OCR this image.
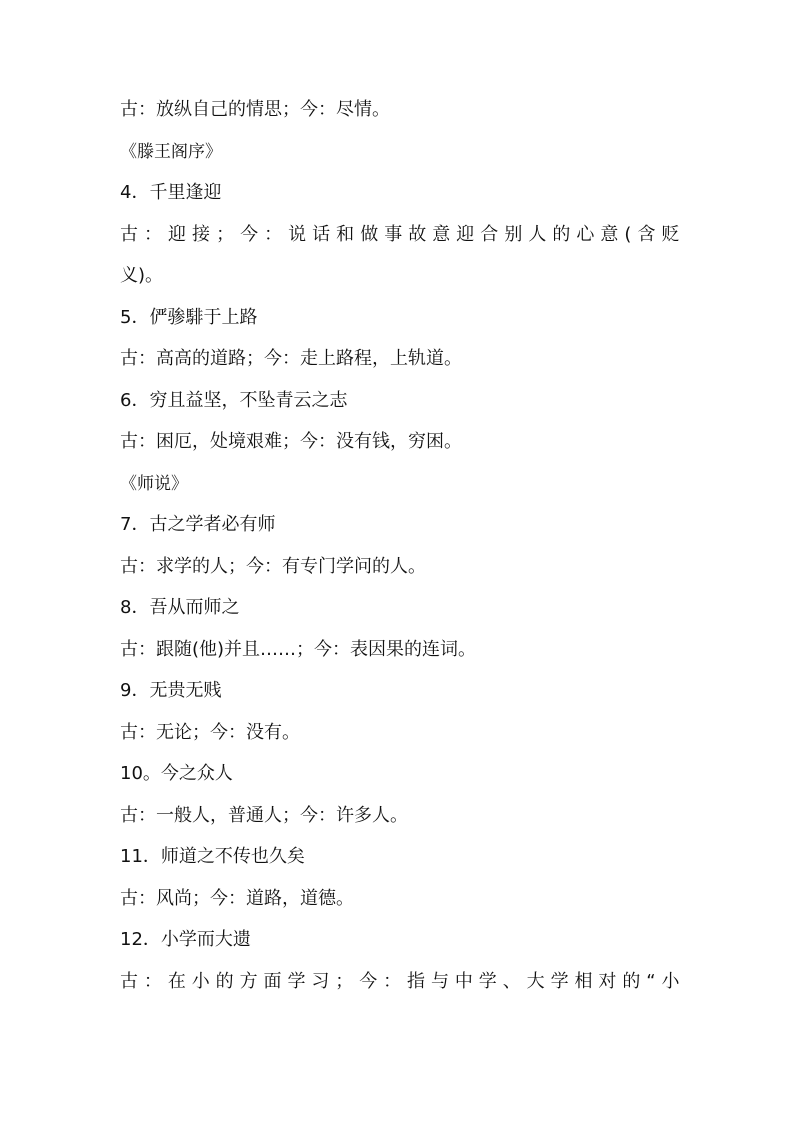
古：放纵自己的情思；今：尽情。
《滕王阁序》
4．千里逢迎
古：迎接；今：说话和做事故意迎合别人的心意(含贬
义)。
5．俨骖騑于上路
古：高高的道路；今：走上路程，上轨道。
6．穷且益坚，不坠青云之志
古：困厄，处境艰难；今：没有钱，穷困。
《师说》
7．古之学者必有师
古：求学的人；今：有专门学问的人。
8．吾从而师之
古：跟随(他)并且……；今：表因果的连词。
9．无贵无贱
古：无论；今：没有。
10。今之众人
古：一般人，普通人；今：许多人。
11．师道之不传也久矣
古：风尚；今：道路，道德。
12．小学而大遗
古：在小的方面学习；今：指与中学、大学相对的“小
